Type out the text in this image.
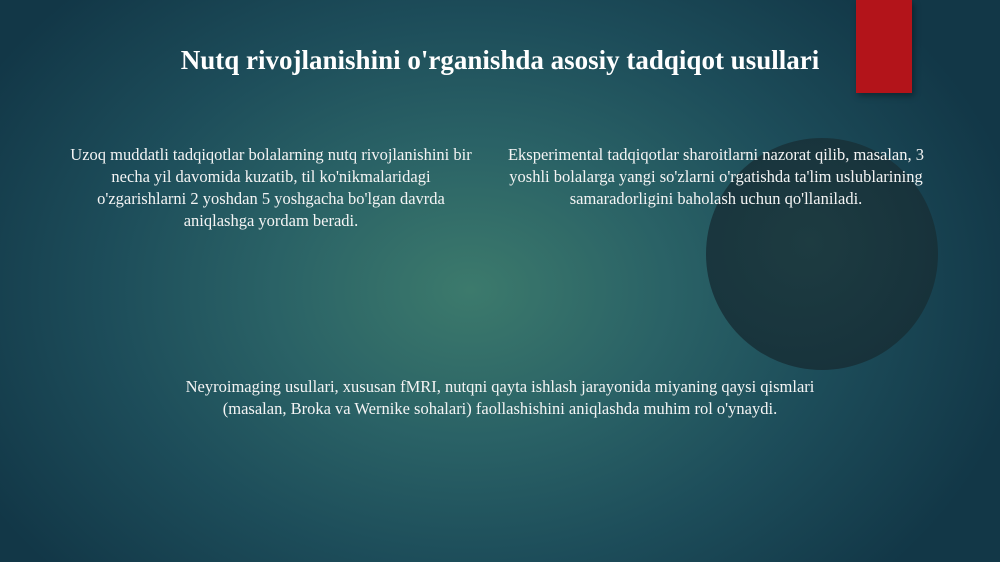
Nutq rivojlanishini o'rganishda asosiy tadqiqot usullari
Uzoq muddatli tadqiqotlar bolalarning nutq rivojlanishini bir necha yil davomida kuzatib, til ko'nikmalaridagi o'zgarishlarni 2 yoshdan 5 yoshgacha bo'lgan davrda aniqlashga yordam beradi.
Eksperimental tadqiqotlar sharoitlarni nazorat qilib, masalan, 3 yoshli bolalarga yangi so'zlarni o'rgatishda ta'lim uslublarining samaradorligini baholash uchun qo'llaniladi.
Neyroimaging usullari, xususan fMRI, nutqni qayta ishlash jarayonida miyaning qaysi qismlari (masalan, Broka va Wernike sohalari) faollashishini aniqlashda muhim rol o'ynaydi.
